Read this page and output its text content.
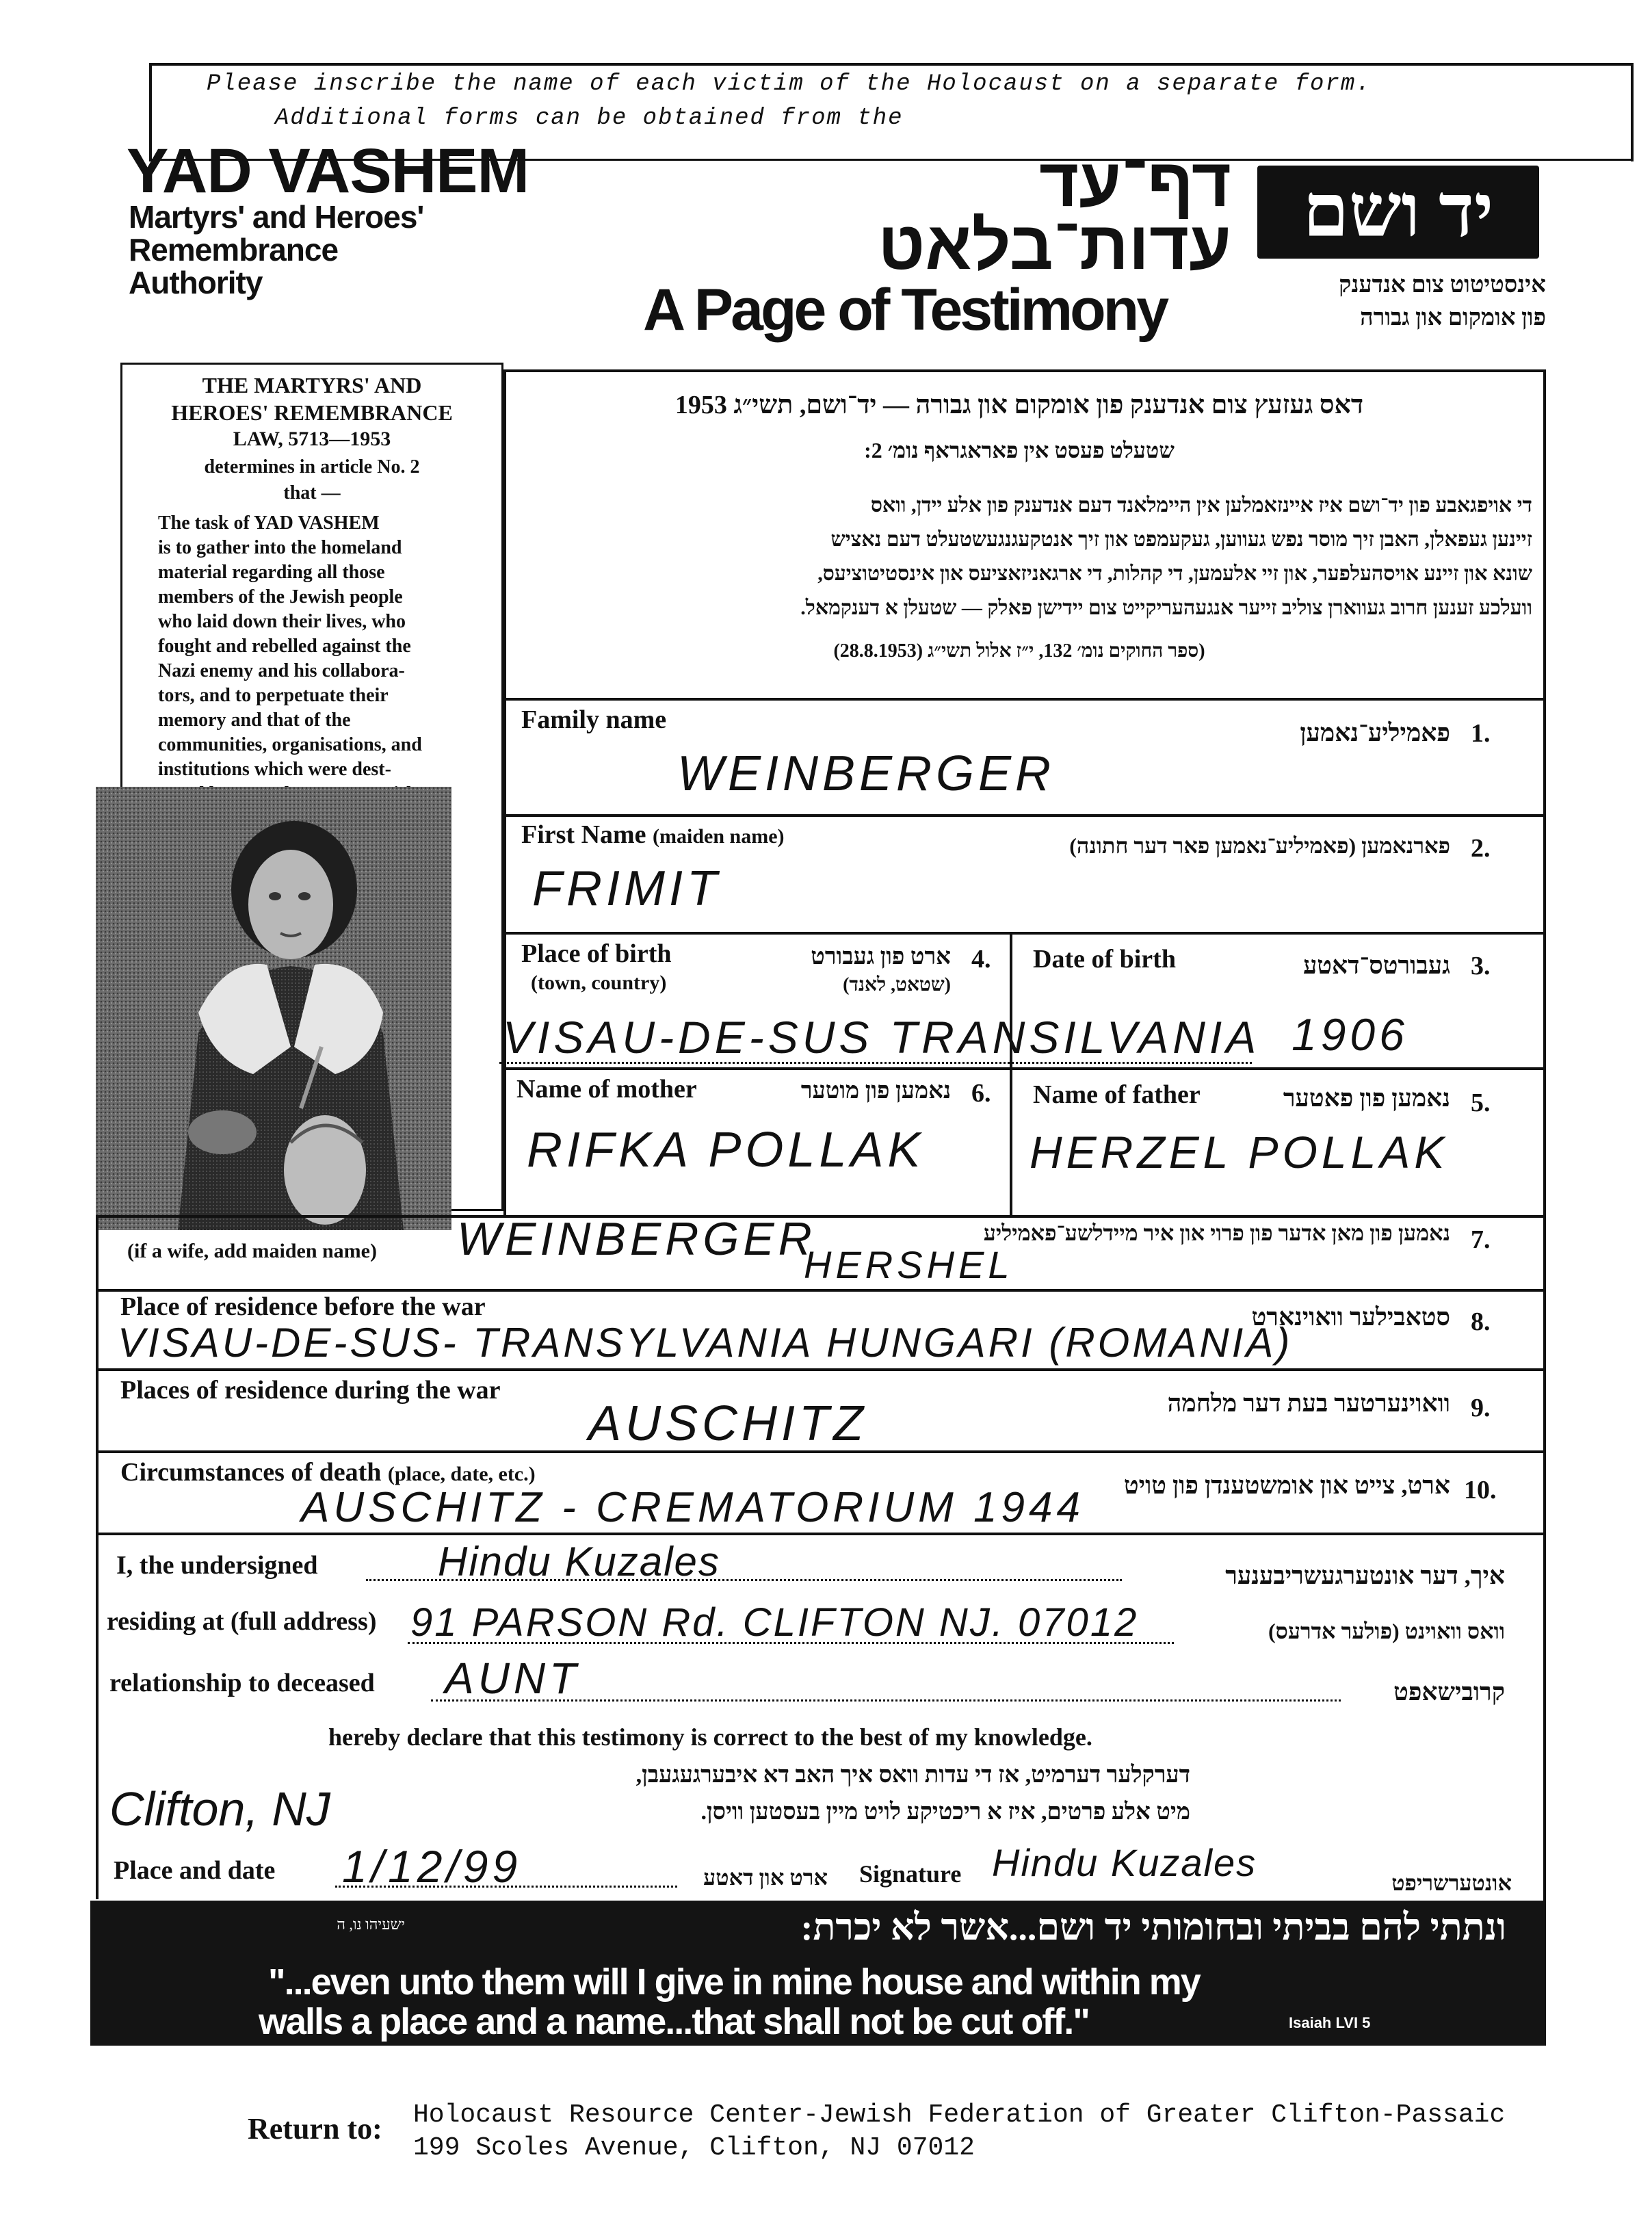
Please inscribe the name of each victim of the Holocaust on a separate form.
Additional forms can be obtained from the
YAD VASHEM
Martyrs' and Heroes'
Remembrance
Authority
דף־עד
עדות־בלאט
A Page of Testimony
יד ושם
אינסטיטוט צום אנדענק
פון אומקום און גבורה
THE MARTYRS' AND
HEROES' REMEMBRANCE
LAW, 5713—1953
determines in article No. 2
that —
The task of YAD VASHEM
is to gather into the homeland
material regarding all those
members of the Jewish people
who laid down their lives, who
fought and rebelled against the
Nazi enemy and his collabora-
tors, and to perpetuate their
memory and that of the
communities, organisations, and
institutions which were dest-
דאס געזעץ צום אנדענק פון אומקום און גבורה — יד־ושם, תשי״ג 1953
שטעלט פעסט אין פאראגראף נומ׳ 2:
די אויפגאבע פון יד־ושם איז איינזאמלען אין היימלאנד דעם אנדענק פון אלע יידן, וואס
זיינען געפאלן, האבן זיך מוסר נפש געווען, געקעמפט און זיך אנטקעגנגעשטעלט דעם נאציש
שונא און זיינע אויסהעלפער, און זיי אלעמען, די קהלות, די ארגאניזאציעס און אינסטיטוציעס,
וועלכע זענען חרוב געווארן צוליב זייער אנגעהעריקייט צום יידישן פאלק — שטעלן א דענקמאל.
(ספר החוקים נומ׳ 132, י״ז אלול תשי״ג (28.8.1953)
Family name	פאמיליע־נאמען 1.
WEINBERGER
First Name (maiden name)	פארנאמען (פאמיליע־נאמען פאר דער חתונה) 2.
FRIMIT
Place of birth
(town, country)
ארט פון געבורט
(שטאט, לאנד)
4.
VISAU-DE-SUS TRANSILVANIA
Date of birth	געבורטס־דאטע 3.
1906
Name of mother	נאמען פון מוטער 6.
RIFKA POLLAK
Name of father	נאמען פון פאטער 5.
HERZEL POLLAK
(if a wife, add maiden name)
נאמען פון מאן אדער פון פרוי און איר מיידלשע־פאמיליע 7.
WEINBERGER
HERSHEL
Place of residence before the war	סטאבילער וואוינארט 8.
VISAU-DE-SUS- TRANSYLVANIA HUNGARI (ROMANIA)
Places of residence during the war	וואוינערטער בעת דער מלחמה 9.
AUSCHITZ
Circumstances of death (place, date, etc.)	ארט, צייט און אומשטענדן פון טויט 10.
AUSCHITZ - CREMATORIUM 1944
I, the undersigned	Hindu Kuzales	איך, דער אונטערגעשריבענער
residing at (full address) 91 PARSON Rd. CLIFTON NJ. 07012	וואס וואוינט (פולער אדרעס)
relationship to deceased AUNT	קרובישאפט
hereby declare that this testimony is correct to the best of my knowledge.
דערקלער דערמיט, אז די עדות וואס איך האב דא איבערגעגעבן,
מיט אלע פרטים, איז א ריכטיקע לויט מיין בעסטען וויסן.
Clifton, NJ
Place and date 1/12/99	ארט און דאטע Signature Hindu Kuzales	אונטערשריפט
ונתתי להם בביתי ובחומותי יד ושם...אשר לא יכרת:
ישעיהו נו, ה
"...even unto them will I give in mine house and within my
walls a place and a name...that shall not be cut off."	Isaiah LVI 5
Return to: Holocaust Resource Center-Jewish Federation of Greater Clifton-Passaic
199 Scoles Avenue, Clifton, NJ 07012
